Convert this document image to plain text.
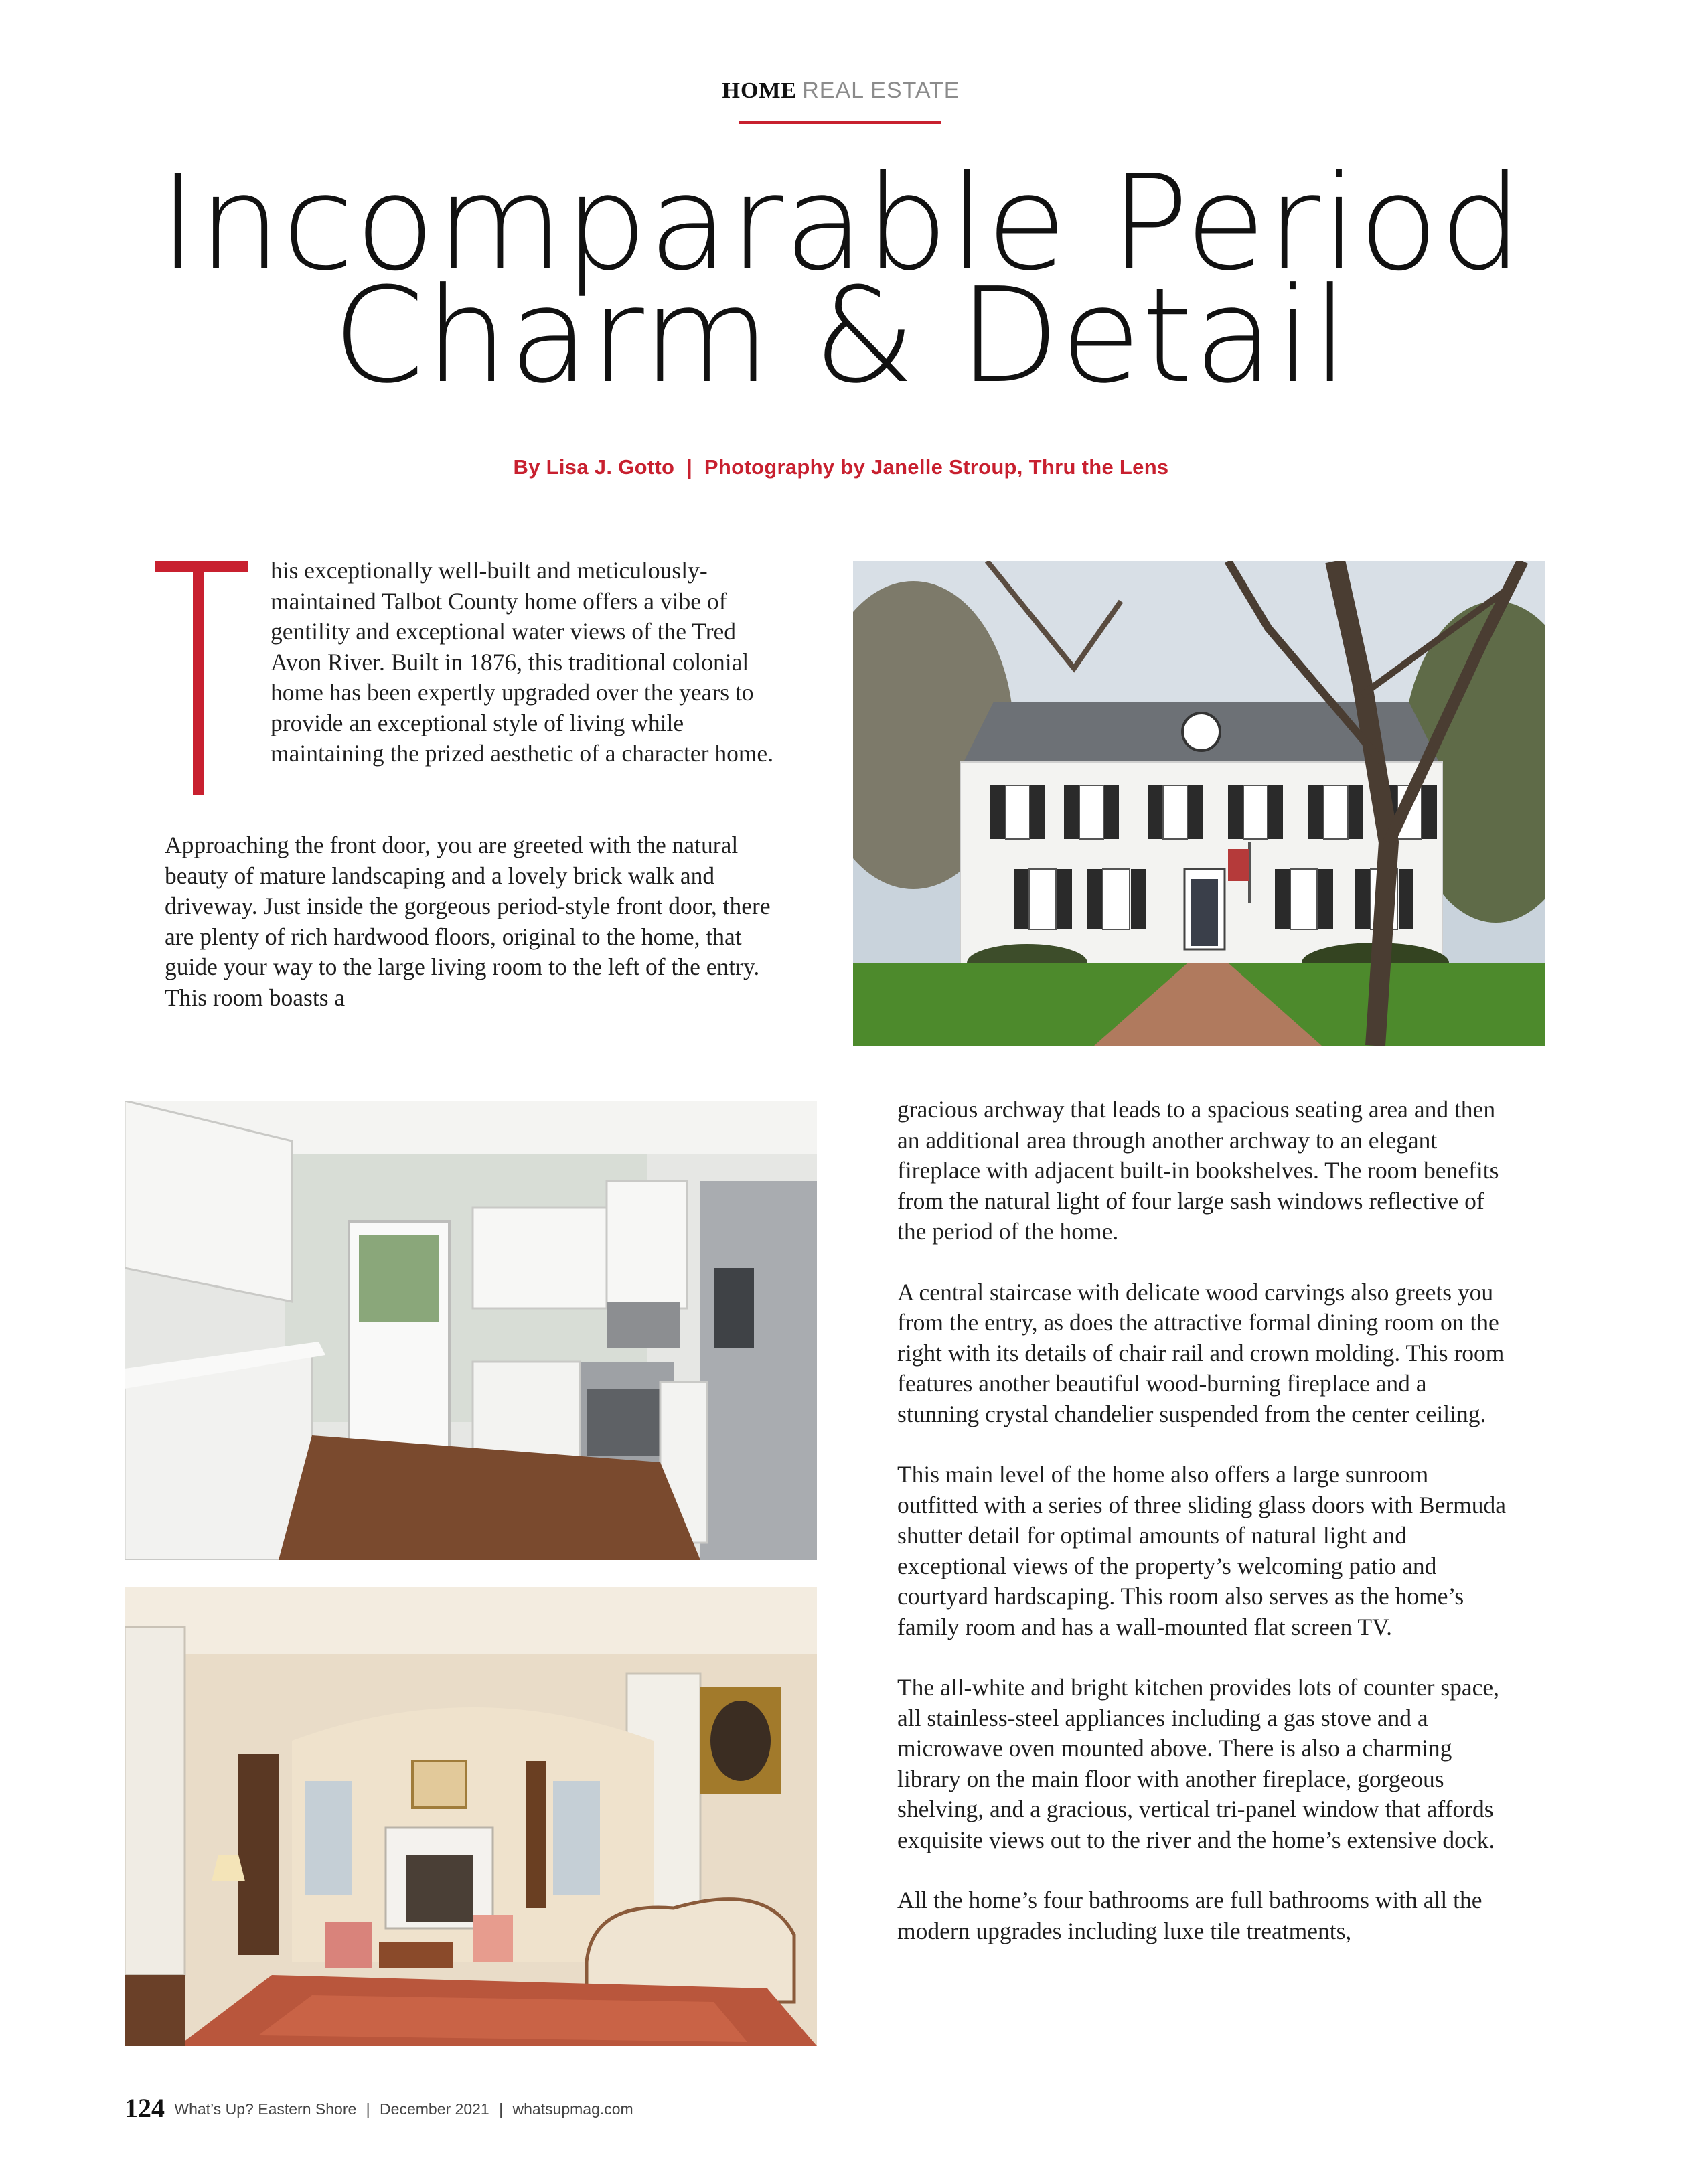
HOME REAL ESTATE
Incomparable Period
Charm & Detail
By Lisa J. Gotto  |  Photography by Janelle Stroup, Thru the Lens

his exceptionally well-built and meticulously-maintained Talbot County home offers a vibe of gentility and exceptional water views of the Tred Avon River. Built in 1876, this traditional colonial home has been expertly upgraded over the years to provide an exceptional style of living while maintaining the prized aesthetic of a character home.

Approaching the front door, you are greeted with the natural beauty of mature landscaping and a lovely brick walk and driveway. Just inside the gorgeous period-style front door, there are plenty of rich hardwood floors, original to the home, that guide your way to the large living room to the left of the entry. This room boasts a

gracious archway that leads to a spacious seating area and then an additional area through another archway to an elegant fireplace with adjacent built-in bookshelves. The room benefits from the natural light of four large sash windows reflective of the period of the home.

A central staircase with delicate wood carvings also greets you from the entry, as does the attractive formal dining room on the right with its details of chair rail and crown molding. This room features another beautiful wood-burning fireplace and a stunning crystal chandelier suspended from the center ceiling.

This main level of the home also offers a large sunroom outfitted with a series of three sliding glass doors with Bermuda shutter detail for optimal amounts of natural light and exceptional views of the property’s welcoming patio and courtyard hardscaping. This room also serves as the home’s family room and has a wall-mounted flat screen TV.

The all-white and bright kitchen provides lots of counter space, all stainless-steel appliances including a gas stove and a microwave oven mounted above. There is also a charming library on the main floor with another fireplace, gorgeous shelving, and a gracious, vertical tri-panel window that affords exquisite views out to the river and the home’s extensive dock.

All the home’s four bathrooms are full bathrooms with all the modern upgrades including luxe tile treatments,

124 What’s Up? Eastern Shore | December 2021 | whatsupmag.com
